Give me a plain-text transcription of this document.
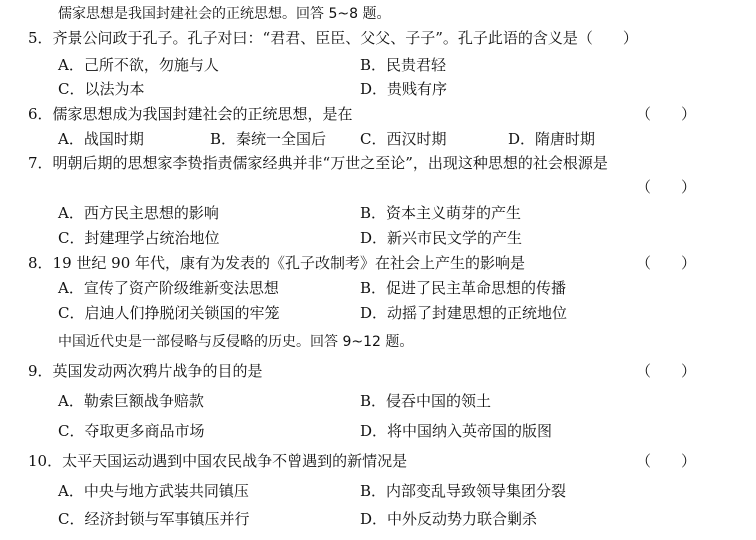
儒家思想是我国封建社会的正统思想。回答 5~8 题。
5．齐景公问政于孔子。孔子对曰：“君君、臣臣、父父、子子”。孔子此语的含义是（　　）
A．己所不欲，勿施与人	B．民贵君轻
C．以法为本	D．贵贱有序
6．儒家思想成为我国封建社会的正统思想，是在	（　　）
A．战国时期	B．秦统一全国后 C．西汉时期	D．隋唐时期
7．明朝后期的思想家李贽指责儒家经典并非“万世之至论”，出现这种思想的社会根源是
（　　）
A．西方民主思想的影响	B．资本主义萌芽的产生
C．封建理学占统治地位	D．新兴市民文学的产生
8．19 世纪 90 年代，康有为发表的《孔子改制考》在社会上产生的影响是	（　　）
A．宣传了资产阶级维新变法思想	B．促进了民主革命思想的传播
C．启迪人们挣脱闭关锁国的牢笼	D．动摇了封建思想的正统地位
中国近代史是一部侵略与反侵略的历史。回答 9~12 题。
9．英国发动两次鸦片战争的目的是	（　　）
A．勒索巨额战争赔款	B．侵吞中国的领土
C．夺取更多商品市场	D．将中国纳入英帝国的版图
10．太平天国运动遇到中国农民战争不曾遇到的新情况是	（　　）
A．中央与地方武装共同镇压	B．内部变乱导致领导集团分裂
C．经济封锁与军事镇压并行	D．中外反动势力联合剿杀
